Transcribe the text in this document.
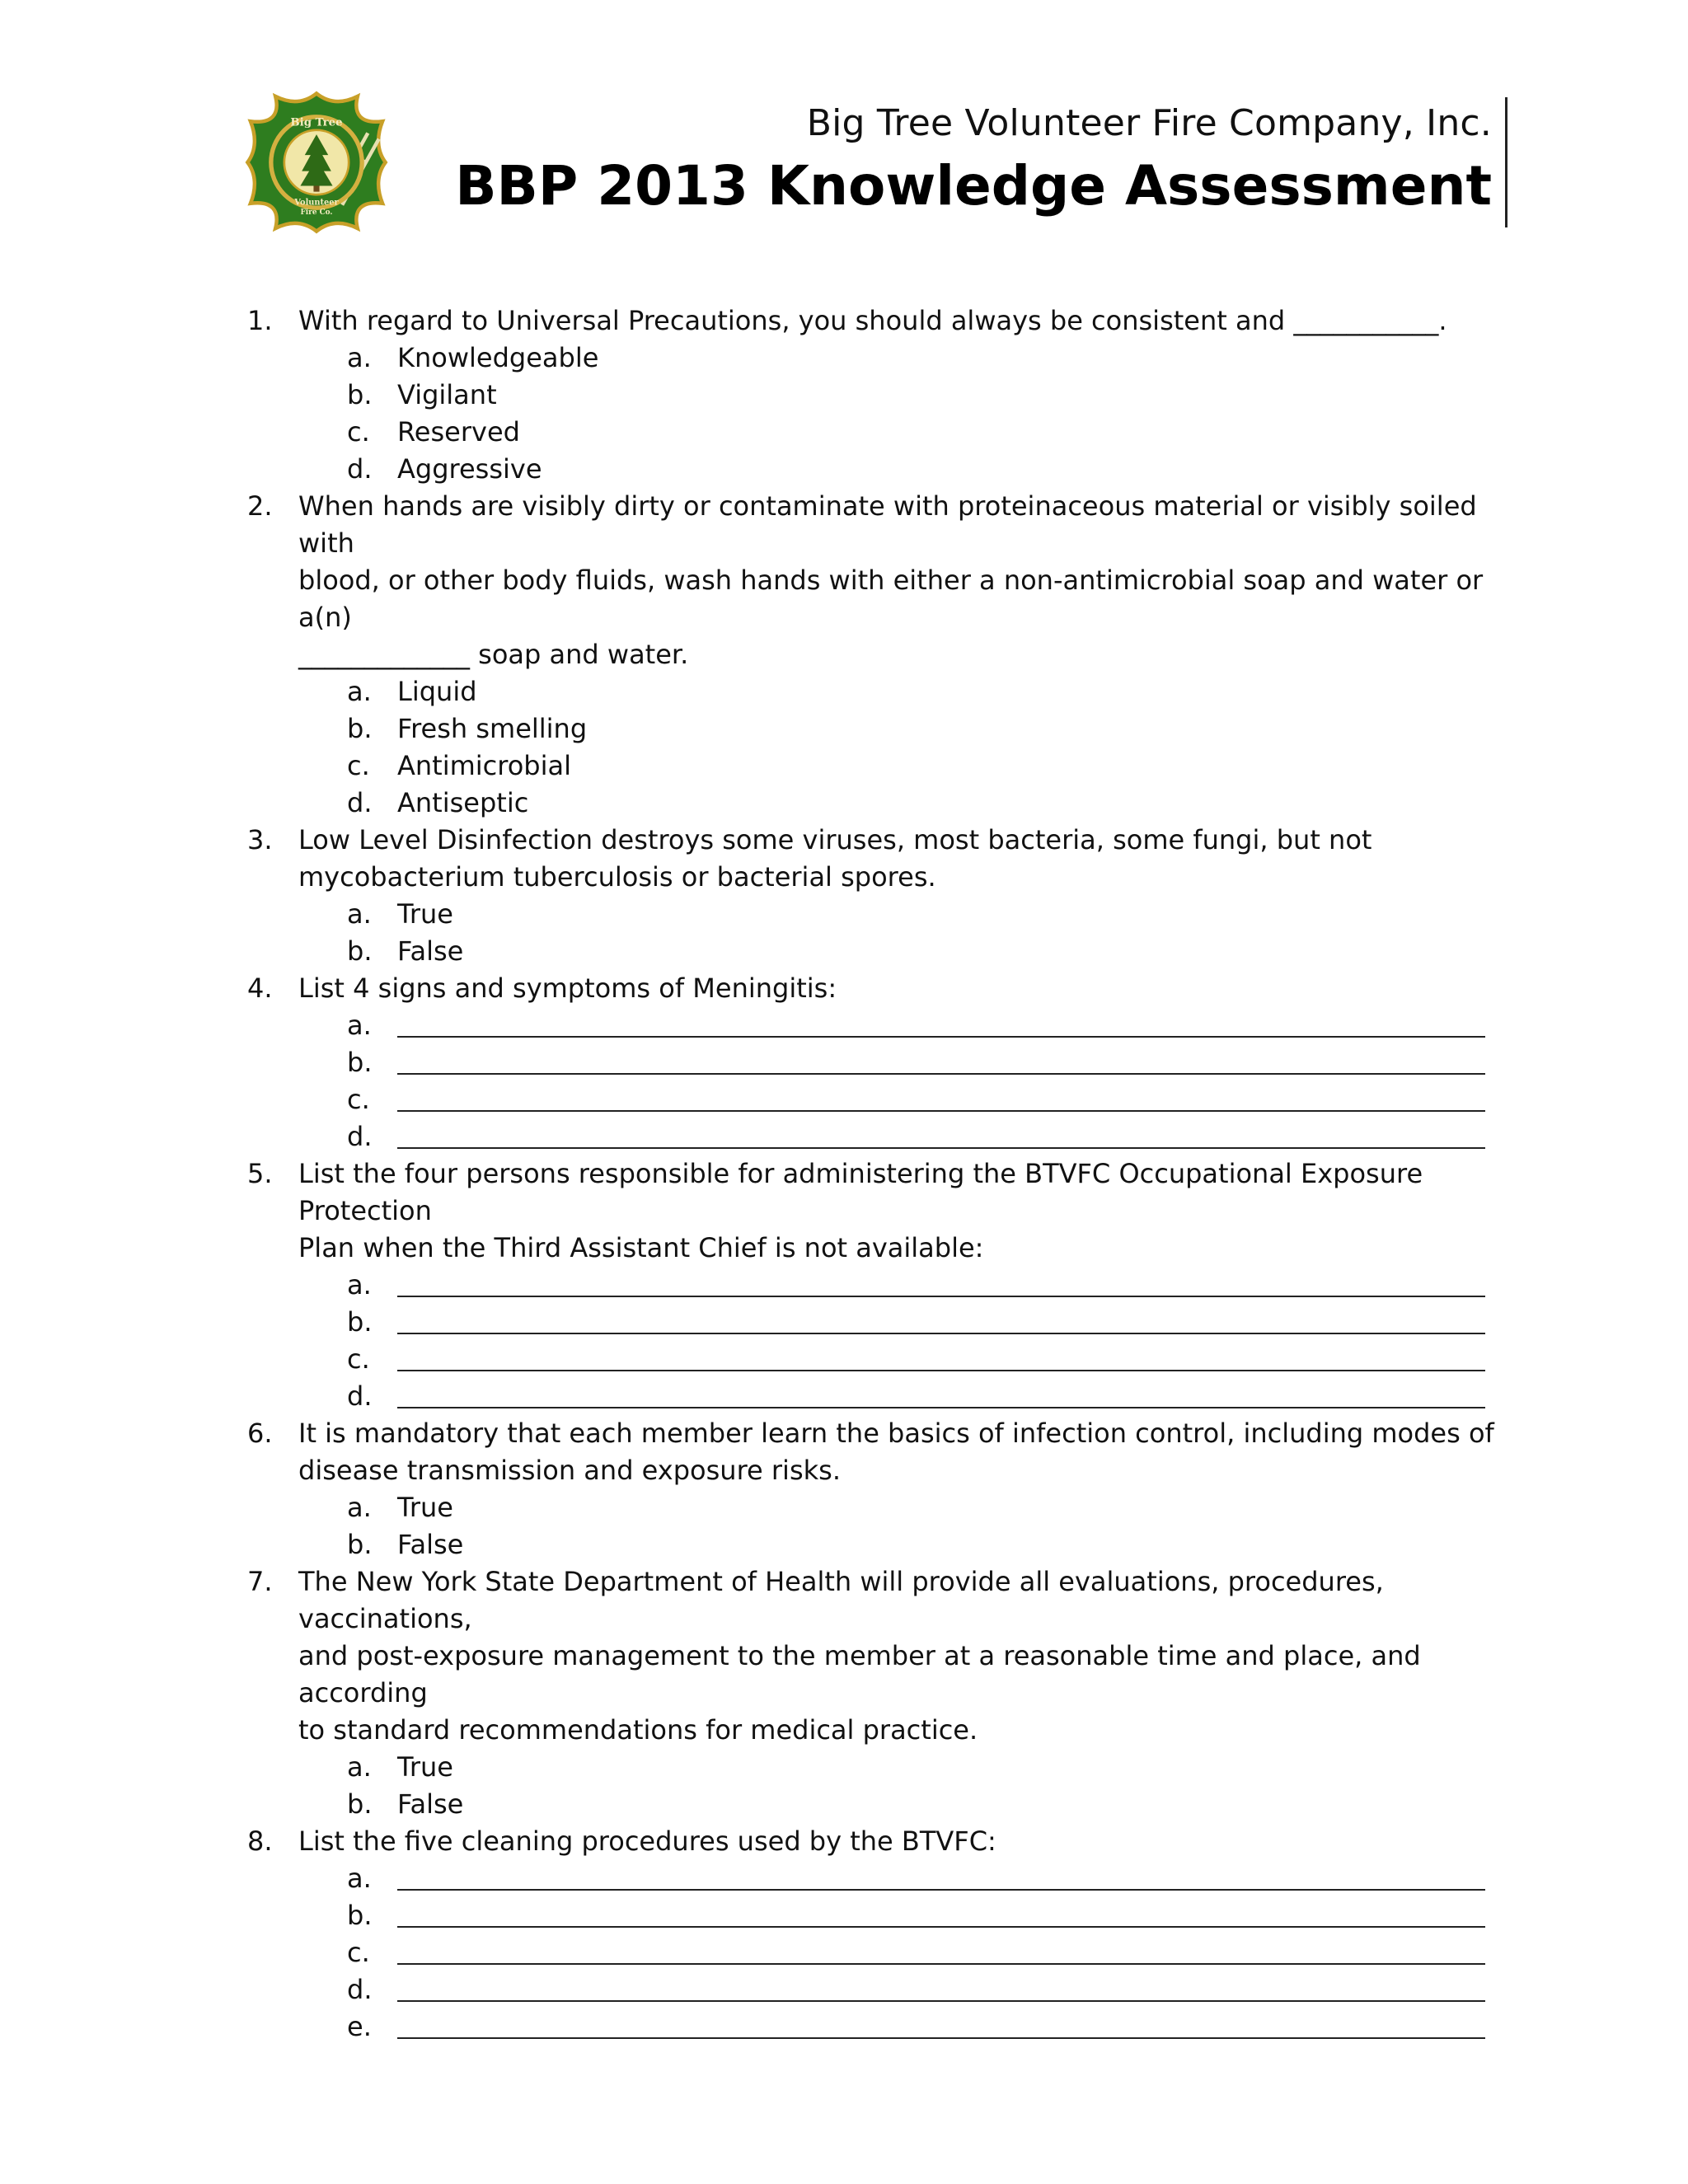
Big Tree
Volunteer
Fire Co.
Big Tree Volunteer Fire Company, Inc.
BBP 2013 Knowledge Assessment
1. With regard to Universal Precautions, you should always be consistent and ___________.
a. Knowledgeable
b. Vigilant
c. Reserved
d. Aggressive
2. When hands are visibly dirty or contaminate with proteinaceous material or visibly soiled with
blood, or other body fluids, wash hands with either a non-antimicrobial soap and water or a(n)
_____________ soap and water.
a. Liquid
b. Fresh smelling
c. Antimicrobial
d. Antiseptic
3. Low Level Disinfection destroys some viruses, most bacteria, some fungi, but not
mycobacterium tuberculosis or bacterial spores.
a. True
b. False
4. List 4 signs and symptoms of Meningitis:
a.
b.
c.
d.
5. List the four persons responsible for administering the BTVFC Occupational Exposure Protection
Plan when the Third Assistant Chief is not available:
a.
b.
c.
d.
6. It is mandatory that each member learn the basics of infection control, including modes of
disease transmission and exposure risks.
a. True
b. False
7. The New York State Department of Health will provide all evaluations, procedures, vaccinations,
and post-exposure management to the member at a reasonable time and place, and according
to standard recommendations for medical practice.
a. True
b. False
8. List the five cleaning procedures used by the BTVFC:
a.
b.
c.
d.
e.
